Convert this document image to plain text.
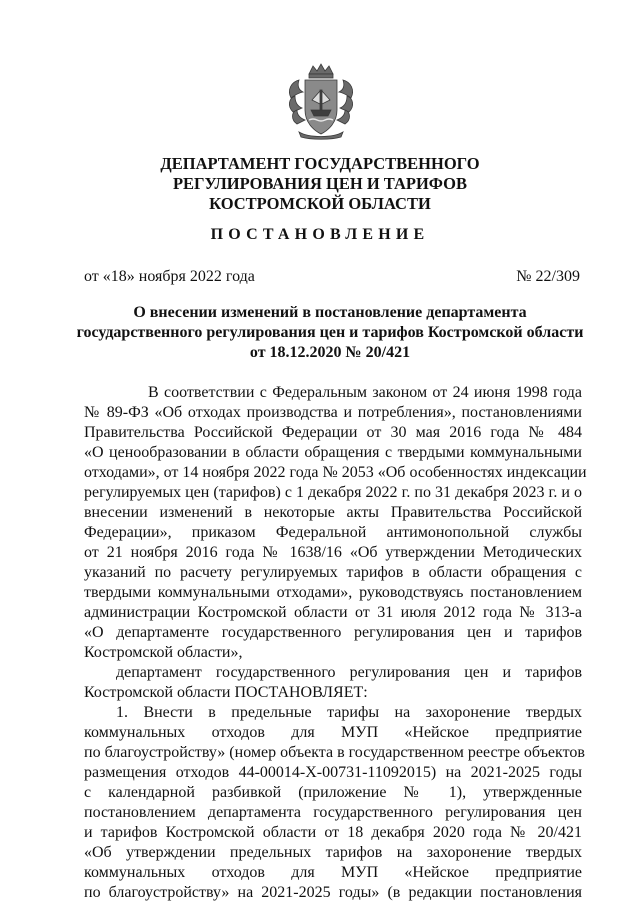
ДЕПАРТАМЕНТ ГОСУДАРСТВЕННОГО
РЕГУЛИРОВАНИЯ ЦЕН И ТАРИФОВ
КОСТРОМСКОЙ ОБЛАСТИ
ПОСТАНОВЛЕНИЕ
от «18» ноября 2022 года	№ 22/309
О внесении изменений в постановление департамента
государственного регулирования цен и тарифов Костромской области
от 18.12.2020 № 20/421
В соответствии с Федеральным законом от 24 июня 1998 года
№ 89-ФЗ «Об отходах производства и потребления», постановлениями
Правительства Российской Федерации от 30 мая 2016 года № 484
«О ценообразовании в области обращения с твердыми коммунальными
отходами», от 14 ноября 2022 года № 2053 «Об особенностях индексации
регулируемых цен (тарифов) с 1 декабря 2022 г. по 31 декабря 2023 г. и о
внесении изменений в некоторые акты Правительства Российской
Федерации», приказом Федеральной антимонопольной службы
от 21 ноября 2016 года № 1638/16 «Об утверждении Методических
указаний по расчету регулируемых тарифов в области обращения с
твердыми коммунальными отходами», руководствуясь постановлением
администрации Костромской области от 31 июля 2012 года № 313-а
«О департаменте государственного регулирования цен и тарифов
Костромской области»,
департамент государственного регулирования цен и тарифов
Костромской области ПОСТАНОВЛЯЕТ:
1. Внести в предельные тарифы на захоронение твердых
коммунальных отходов для МУП «Нейское предприятие
по благоустройству» (номер объекта в государственном реестре объектов
размещения отходов 44-00014-Х-00731-11092015) на 2021-2025 годы
с календарной разбивкой (приложение № 1), утвержденные
постановлением департамента государственного регулирования цен
и тарифов Костромской области от 18 декабря 2020 года № 20/421
«Об утверждении предельных тарифов на захоронение твердых
коммунальных отходов для МУП «Нейское предприятие
по благоустройству» на 2021-2025 годы» (в редакции постановления
